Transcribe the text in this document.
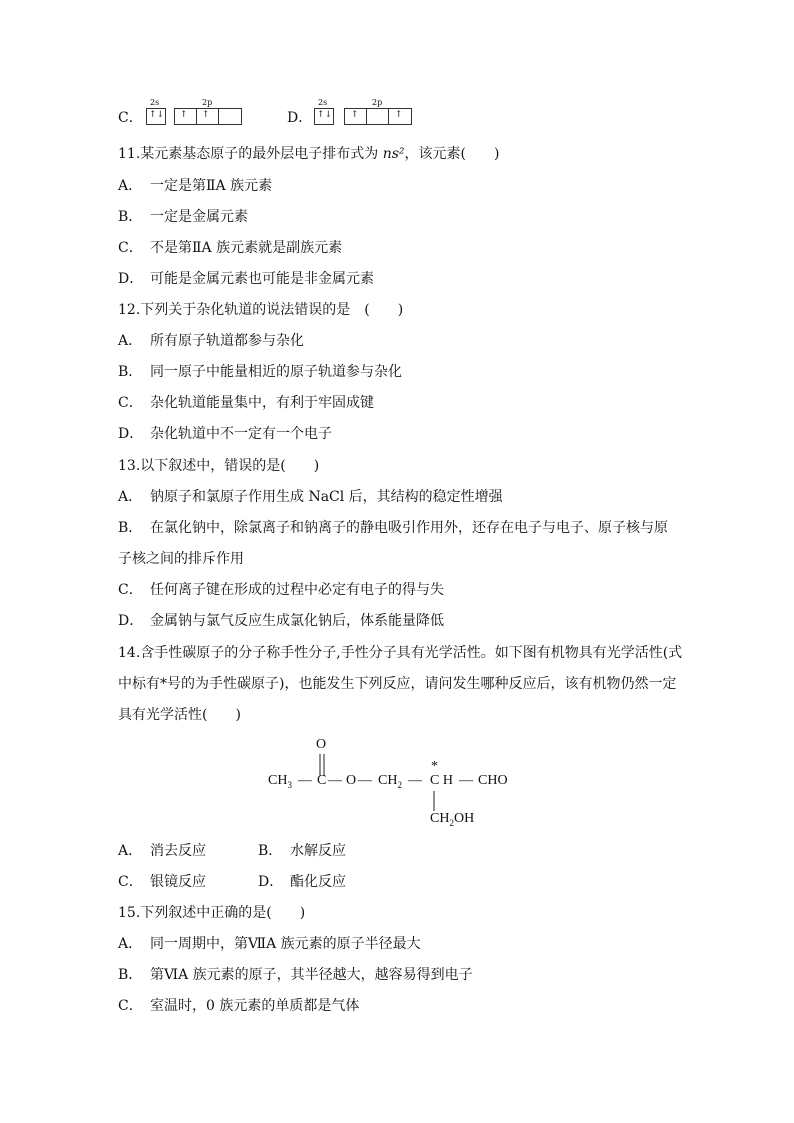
C．
2s
↑↓
2p
↑ ↑	D．
2s
↑↓
2p
↑	↑
11.某元素基态原子的最外层电子排布式为 ns²，该元素(　　)
A． 一定是第ⅡA 族元素
B． 一定是金属元素
C． 不是第ⅡA 族元素就是副族元素
D． 可能是金属元素也可能是非金属元素
12.下列关于杂化轨道的说法错误的是　(　　)
A． 所有原子轨道都参与杂化
B． 同一原子中能量相近的原子轨道参与杂化
C． 杂化轨道能量集中，有利于牢固成键
D． 杂化轨道中不一定有一个电子
13.以下叙述中，错误的是(　　)
A． 钠原子和氯原子作用生成 NaCl 后，其结构的稳定性增强
B． 在氯化钠中，除氯离子和钠离子的静电吸引作用外，还存在电子与电子、原子核与原
子核之间的排斥作用
C． 任何离子键在形成的过程中必定有电子的得与失
D． 金属钠与氯气反应生成氯化钠后，体系能量降低
14.含手性碳原子的分子称手性分子,手性分子具有光学活性。如下图有机物具有光学活性(式
中标有*号的为手性碳原子)，也能发生下列反应，请问发生哪种反应后，该有机物仍然一定
具有光学活性(　　)
O
$CH_3$ — C — O — $CH_2$ —
*
C H — CHO
$CH_2OH$
A． 消去反应	B． 水解反应
C． 银镜反应	D． 酯化反应
15.下列叙述中正确的是(　　)
A． 同一周期中，第ⅦA 族元素的原子半径最大
B． 第ⅥA 族元素的原子，其半径越大，越容易得到电子
C． 室温时，0 族元素的单质都是气体
